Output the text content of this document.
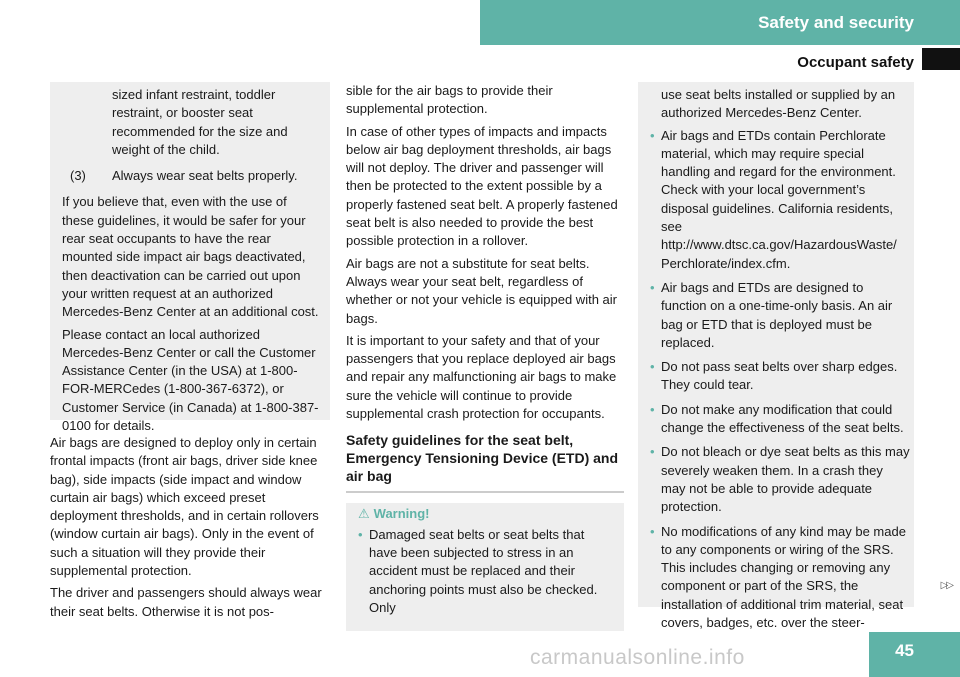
Safety and security
Occupant safety

sized infant restraint, toddler restraint, or booster seat recommended for the size and weight of the child.

(3)	Always wear seat belts properly.

If you believe that, even with the use of these guidelines, it would be safer for your rear seat occupants to have the rear mounted side impact air bags deactivated, then deactivation can be carried out upon your written request at an authorized Mercedes-Benz Center at an additional cost.

Please contact an local authorized Mercedes-Benz Center or call the Customer Assistance Center (in the USA) at 1-800-FOR-MERCedes (1-800-367-6372), or Customer Service (in Canada) at 1-800-387-0100 for details.

Air bags are designed to deploy only in certain frontal impacts (front air bags, driver side knee bag), side impacts (side impact and window curtain air bags) which exceed preset deployment thresholds, and in certain rollovers (window curtain air bags). Only in the event of such a situation will they provide their supplemental protection.

The driver and passengers should always wear their seat belts. Otherwise it is not pos-

sible for the air bags to provide their supplemental protection.

In case of other types of impacts and impacts below air bag deployment thresholds, air bags will not deploy. The driver and passenger will then be protected to the extent possible by a properly fastened seat belt. A properly fastened seat belt is also needed to provide the best possible protection in a rollover.

Air bags are not a substitute for seat belts. Always wear your seat belt, regardless of whether or not your vehicle is equipped with air bags.

It is important to your safety and that of your passengers that you replace deployed air bags and repair any malfunctioning air bags to make sure the vehicle will continue to provide supplemental crash protection for occupants.

Safety guidelines for the seat belt, Emergency Tensioning Device (ETD) and air bag
⚠ Warning!
• Damaged seat belts or seat belts that have been subjected to stress in an accident must be replaced and their anchoring points must also be checked. Only

use seat belts installed or supplied by an authorized Mercedes-Benz Center.

• Air bags and ETDs contain Perchlorate material, which may require special handling and regard for the environment. Check with your local government’s disposal guidelines. California residents, see http://www.dtsc.ca.gov/HazardousWaste/ Perchlorate/index.cfm.
• Air bags and ETDs are designed to function on a one-time-only basis. An air bag or ETD that is deployed must be replaced.
• Do not pass seat belts over sharp edges. They could tear.
• Do not make any modification that could change the effectiveness of the seat belts.
• Do not bleach or dye seat belts as this may severely weaken them. In a crash they may not be able to provide adequate protection.
• No modifications of any kind may be made to any components or wiring of the SRS. This includes changing or removing any component or part of the SRS, the installation of additional trim material, seat covers, badges, etc. over the steer-
▷▷
carmanualsonline.info	45
